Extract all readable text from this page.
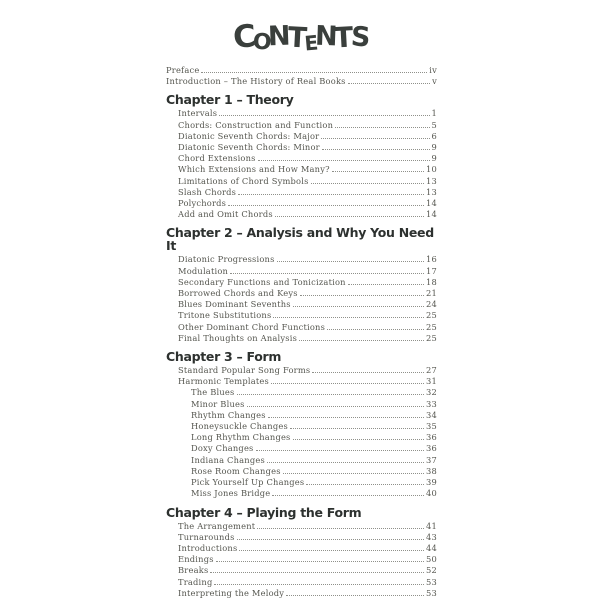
CONTENTS
Preface	iv
Introduction – The History of Real Books	v
Chapter 1 – Theory
Intervals	1
Chords: Construction and Function	5
Diatonic Seventh Chords: Major	6
Diatonic Seventh Chords: Minor	9
Chord Extensions	9
Which Extensions and How Many?	10
Limitations of Chord Symbols	13
Slash Chords	13
Polychords	14
Add and Omit Chords	14
Chapter 2 – Analysis and Why You Need It
Diatonic Progressions	16
Modulation	17
Secondary Functions and Tonicization	18
Borrowed Chords and Keys	21
Blues Dominant Sevenths	24
Tritone Substitutions	25
Other Dominant Chord Functions	25
Final Thoughts on Analysis	25
Chapter 3 – Form
Standard Popular Song Forms	27
Harmonic Templates	31
The Blues	32
Minor Blues	33
Rhythm Changes	34
Honeysuckle Changes	35
Long Rhythm Changes	36
Doxy Changes	36
Indiana Changes	37
Rose Room Changes	38
Pick Yourself Up Changes	39
Miss Jones Bridge	40
Chapter 4 – Playing the Form
The Arrangement	41
Turnarounds	43
Introductions	44
Endings	50
Breaks	52
Trading	53
Interpreting the Melody	53
